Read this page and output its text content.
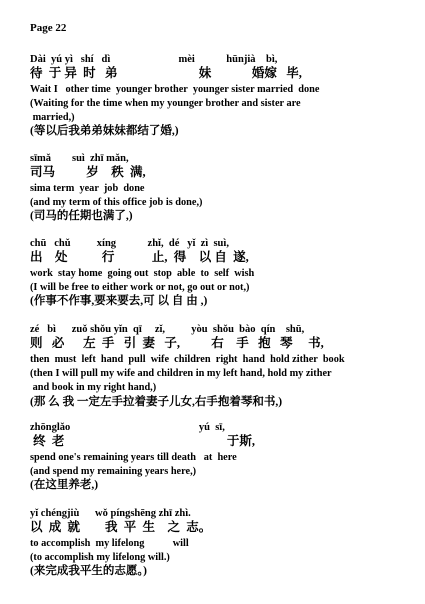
Page 22
Dài  yú yì   shí   dì                          mèi            hūnjià    bì,
待  于 异  时   弟                          妹             婚嫁   毕,
Wait I   other time  younger brother  younger sister married  done
(Waiting for the time when my younger brother and sister are
married,)
(等以后我弟弟妹妹都结了婚,)
sīmǎ        suì  zhī mǎn,
司马          岁    秩  满,
sima term  year  job  done
(and my term of this office job is done,)
(司马的任期也满了,)
chū   chǔ          xíng            zhǐ,  dé   yǐ  zì  suì,
出    处           行            止,  得    以 自  遂,
work  stay home  going out  stop  able  to  self  wish
(I will be free to either work or not, go out or not,)
(作事不作事,要来要去,可 以 自 由 ,)
zé   bì      zuǒ shǒu yǐn  qī     zǐ,          yòu  shǒu  bào  qín    shū,
则   必      左  手   引  妻   子,          右    手   抱   琴     书,
then  must  left  hand  pull  wife  children  right  hand  hold zither  book
(then I will pull my wife and children in my left hand, hold my zither
and book in my right hand,)
(那 么 我 一定左手拉着妻子儿女,右手抱着琴和书,)
zhōnglǎo                                                 yú  sī,
终  老                                                    于斯,
spend one's remaining years till death   at  here
(and spend my remaining years here,)
(在这里养老,)
yǐ chéngjiù      wǒ píngshēng zhī zhì.
以  成  就        我  平  生    之  志。
to accomplish  my lifelong           will
(to accomplish my lifelong will.)
(来完成我平生的志愿。)
